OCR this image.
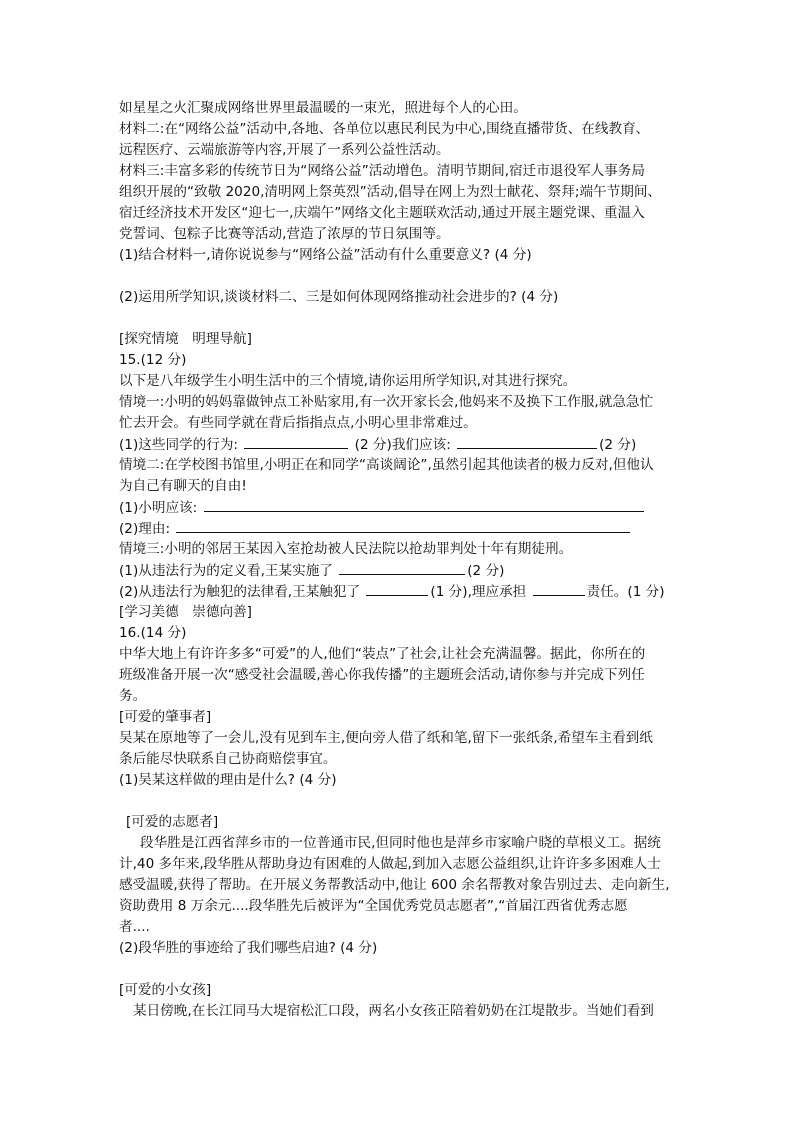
如星星之火汇聚成网络世界里最温暖的一束光，照进每个人的心田。
材料二:在“网络公益”活动中,各地、各单位以惠民利民为中心,围绕直播带货、在线教育、
远程医疗、云端旅游等内容,开展了一系列公益性活动。
材料三:丰富多彩的传统节日为“网络公益”活动增色。清明节期间,宿迁市退役军人事务局
组织开展的“致敬 2020,清明网上祭英烈”活动,倡导在网上为烈士献花、祭拜;端午节期间、
宿迁经济技术开发区“迎七一,庆端午”网络文化主题联欢活动,通过开展主题党课、重温入
党誓词、包粽子比赛等活动,营造了浓厚的节日氛围等。
(1)结合材料一,请你说说参与“网络公益”活动有什么重要意义? (4 分)
(2)运用所学知识,谈谈材料二、三是如何体现网络推动社会进步的? (4 分)
[探究情境　明理导航]
15.(12 分)
以下是八年级学生小明生活中的三个情境,请你运用所学知识,对其进行探究。
情境一:小明的妈妈靠做钟点工补贴家用,有一次开家长会,他妈来不及换下工作服,就急急忙
忙去开会。有些同学就在背后指指点点,小明心里非常难过。
(1)这些同学的行为:	(2 分)我们应该:	(2 分)
情境二:在学校图书馆里,小明正在和同学“高谈阔论”,虽然引起其他读者的极力反对,但他认
为自己有聊天的自由!
(1)小明应该:
(2)理由:
情境三:小明的邻居王某因入室抢劫被人民法院以抢劫罪判处十年有期徒刑。
(1)从违法行为的定义看,王某实施了	(2 分)
(2)从违法行为触犯的法律看,王某触犯了	(1 分),理应承担	责任。(1 分)
[学习美德　崇德向善]
16.(14 分)
中华大地上有许许多多“可爱”的人,他们“装点”了社会,让社会充满温馨。据此，你所在的
班级准备开展一次“感受社会温暖,善心你我传播”的主题班会活动,请你参与并完成下列任
务。
[可爱的肇事者]
吴某在原地等了一会儿,没有见到车主,便向旁人借了纸和笔,留下一张纸条,希望车主看到纸
条后能尽快联系自己协商赔偿事宜。
(1)吴某这样做的理由是什么? (4 分)
[可爱的志愿者]
段华胜是江西省萍乡市的一位普通市民,但同时他也是萍乡市家喻户晓的草根义工。据统
计,40 多年来,段华胜从帮助身边有困难的人做起,到加入志愿公益组织,让许许多多困难人士
感受温暖,获得了帮助。在开展义务帮教活动中,他让 600 余名帮教对象告别过去、走向新生,
资助费用 8 万余元....段华胜先后被评为“全国优秀党员志愿者”,“首届江西省优秀志愿
者....
(2)段华胜的事迹给了我们哪些启迪? (4 分)
[可爱的小女孩]
某日傍晚,在长江同马大堤宿松汇口段，两名小女孩正陪着奶奶在江堤散步。当她们看到
